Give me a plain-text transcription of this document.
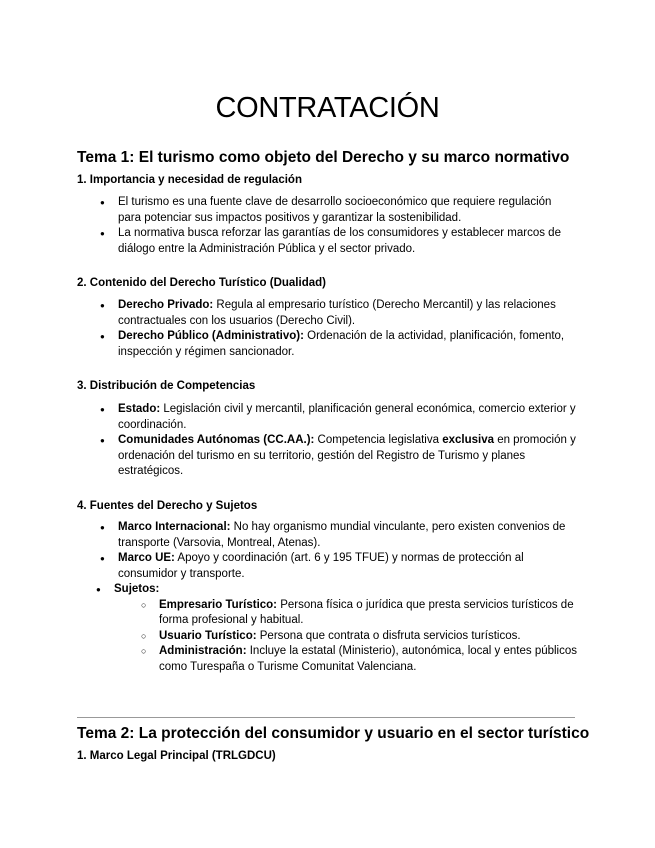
CONTRATACIÓN
Tema 1: El turismo como objeto del Derecho y su marco normativo
1. Importancia y necesidad de regulación
● El turismo es una fuente clave de desarrollo socioeconómico que requiere regulación para potenciar sus impactos positivos y garantizar la sostenibilidad.
● La normativa busca reforzar las garantías de los consumidores y establecer marcos de diálogo entre la Administración Pública y el sector privado.
2. Contenido del Derecho Turístico (Dualidad)
● Derecho Privado: Regula al empresario turístico (Derecho Mercantil) y las relaciones contractuales con los usuarios (Derecho Civil).
● Derecho Público (Administrativo): Ordenación de la actividad, planificación, fomento, inspección y régimen sancionador.
3. Distribución de Competencias
● Estado: Legislación civil y mercantil, planificación general económica, comercio exterior y coordinación.
● Comunidades Autónomas (CC.AA.): Competencia legislativa exclusiva en promoción y ordenación del turismo en su territorio, gestión del Registro de Turismo y planes estratégicos.
4. Fuentes del Derecho y Sujetos
● Marco Internacional: No hay organismo mundial vinculante, pero existen convenios de transporte (Varsovia, Montreal, Atenas).
● Marco UE: Apoyo y coordinación (art. 6 y 195 TFUE) y normas de protección al consumidor y transporte.
● Sujetos:
○ Empresario Turístico: Persona física o jurídica que presta servicios turísticos de forma profesional y habitual.
○ Usuario Turístico: Persona que contrata o disfruta servicios turísticos.
○ Administración: Incluye la estatal (Ministerio), autonómica, local y entes públicos como Turespaña o Turisme Comunitat Valenciana.
Tema 2: La protección del consumidor y usuario en el sector turístico
1. Marco Legal Principal (TRLGDCU)
